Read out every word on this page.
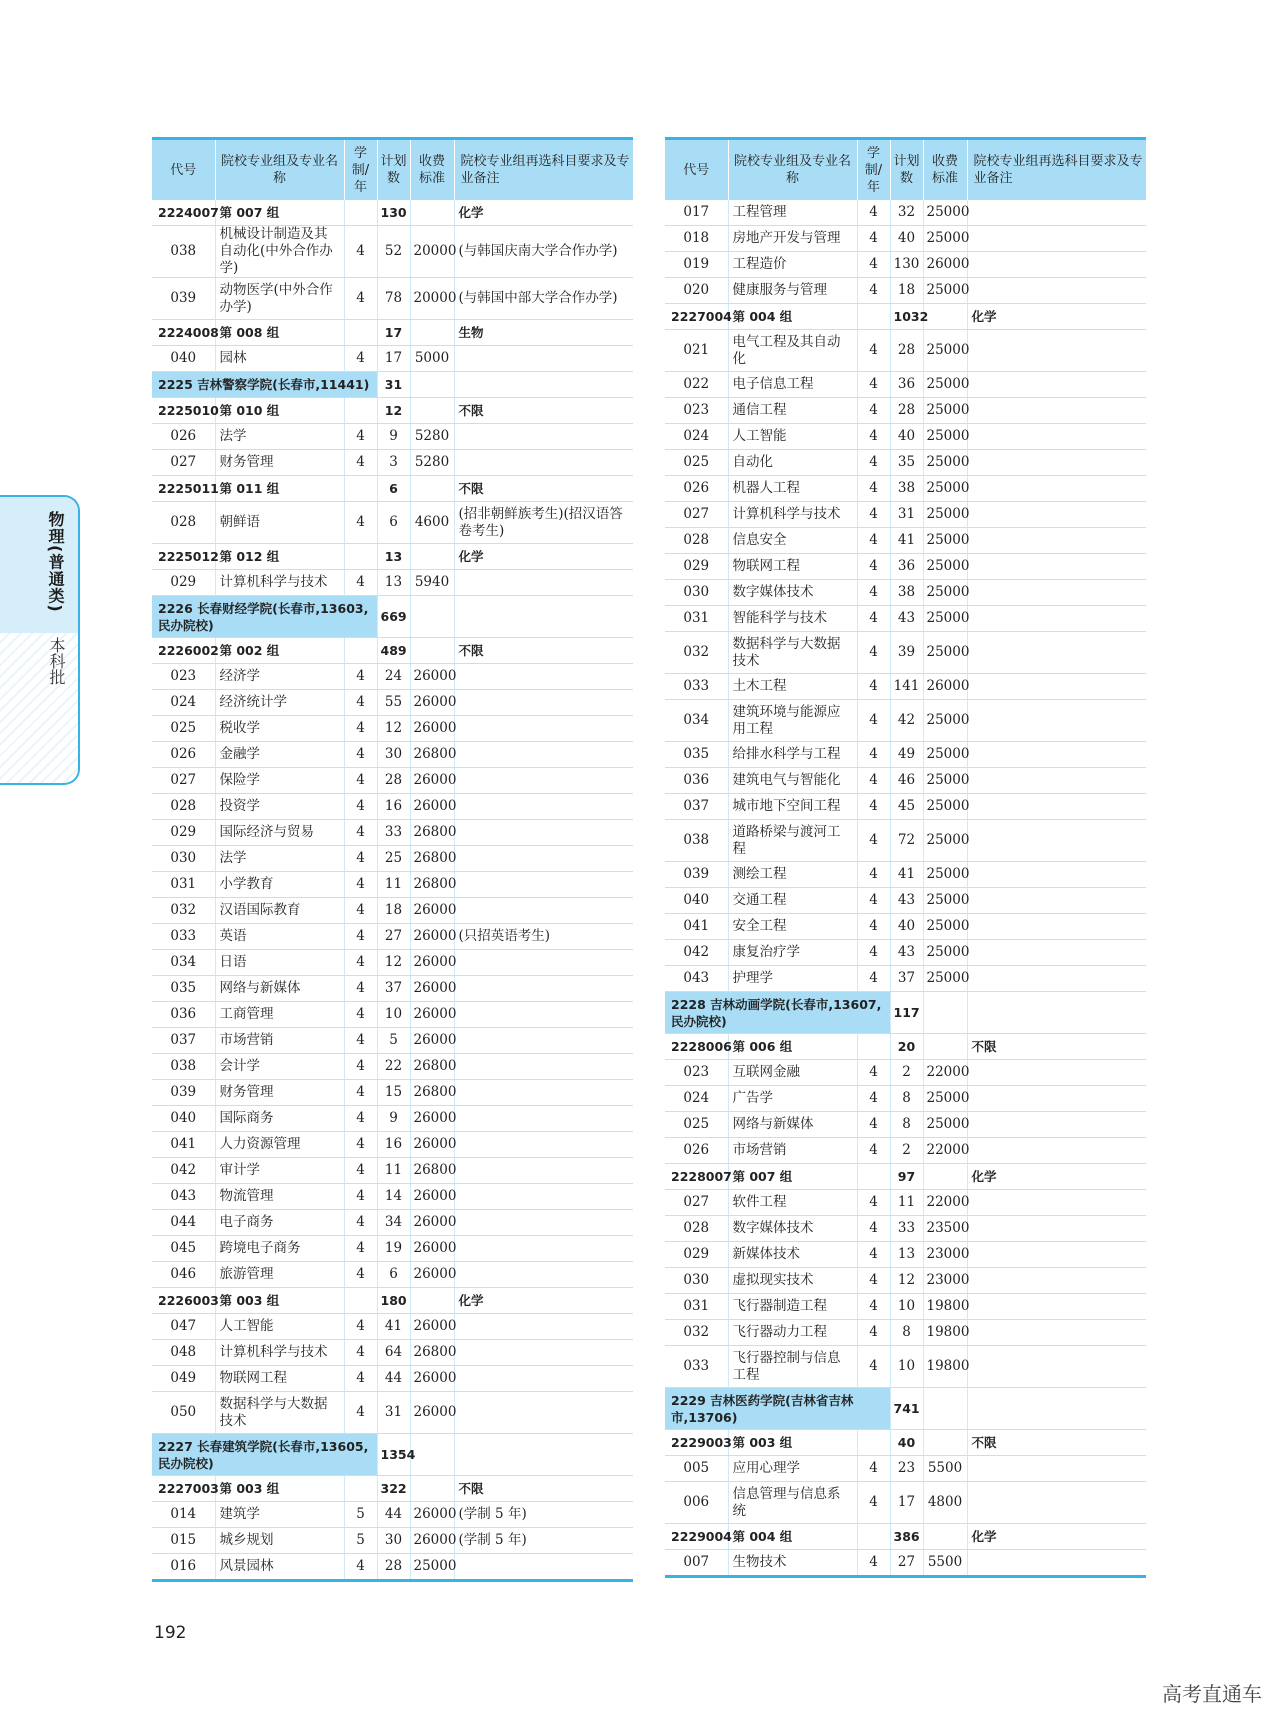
代号	院校专业组及专业名称	学制/年	计划数	收费标准	院校专业组再选科目要求及专业备注
2224007	第 007 组		130		化学
038	机械设计制造及其自动化(中外合作办学)	4	52	20000	(与韩国庆南大学合作办学)
039	动物医学(中外合作办学)	4	78	20000	(与韩国中部大学合作办学)
2224008	第 008 组		17		生物
040	园林	4	17	5000	
2225 吉林警察学院(长春市,11441)			31		
2225010	第 010 组		12		不限
026	法学	4	9	5280	
027	财务管理	4	3	5280	
2225011	第 011 组		6		不限
028	朝鲜语	4	6	4600	(招非朝鲜族考生)(招汉语答卷考生)
2225012	第 012 组		13		化学
029	计算机科学与技术	4	13	5940	
2226 长春财经学院(长春市,13603,民办院校)			669		
2226002	第 002 组		489		不限
023	经济学	4	24	26000	
024	经济统计学	4	55	26000	
025	税收学	4	12	26000	
026	金融学	4	30	26800	
027	保险学	4	28	26000	
028	投资学	4	16	26000	
029	国际经济与贸易	4	33	26800	
030	法学	4	25	26800	
031	小学教育	4	11	26800	
032	汉语国际教育	4	18	26000	
033	英语	4	27	26000	(只招英语考生)
034	日语	4	12	26000	
035	网络与新媒体	4	37	26000	
036	工商管理	4	10	26000	
037	市场营销	4	5	26000	
038	会计学	4	22	26800	
039	财务管理	4	15	26800	
040	国际商务	4	9	26000	
041	人力资源管理	4	16	26000	
042	审计学	4	11	26800	
043	物流管理	4	14	26000	
044	电子商务	4	34	26000	
045	跨境电子商务	4	19	26000	
046	旅游管理	4	6	26000	
2226003	第 003 组		180		化学
047	人工智能	4	41	26000	
048	计算机科学与技术	4	64	26800	
049	物联网工程	4	44	26000	
050	数据科学与大数据技术	4	31	26000	
2227 长春建筑学院(长春市,13605,民办院校)			1354		
2227003	第 003 组		322		不限
014	建筑学	5	44	26000	(学制 5 年)
015	城乡规划	5	30	26000	(学制 5 年)
016	风景园林	4	28	25000	
代号	院校专业组及专业名称	学制/年	计划数	收费标准	院校专业组再选科目要求及专业备注
017	工程管理	4	32	25000	
018	房地产开发与管理	4	40	25000	
019	工程造价	4	130	26000	
020	健康服务与管理	4	18	25000	
2227004	第 004 组		1032		化学
021	电气工程及其自动化	4	28	25000	
022	电子信息工程	4	36	25000	
023	通信工程	4	28	25000	
024	人工智能	4	40	25000	
025	自动化	4	35	25000	
026	机器人工程	4	38	25000	
027	计算机科学与技术	4	31	25000	
028	信息安全	4	41	25000	
029	物联网工程	4	36	25000	
030	数字媒体技术	4	38	25000	
031	智能科学与技术	4	43	25000	
032	数据科学与大数据技术	4	39	25000	
033	土木工程	4	141	26000	
034	建筑环境与能源应用工程	4	42	25000	
035	给排水科学与工程	4	49	25000	
036	建筑电气与智能化	4	46	25000	
037	城市地下空间工程	4	45	25000	
038	道路桥梁与渡河工程	4	72	25000	
039	测绘工程	4	41	25000	
040	交通工程	4	43	25000	
041	安全工程	4	40	25000	
042	康复治疗学	4	43	25000	
043	护理学	4	37	25000	
2228 吉林动画学院(长春市,13607,民办院校)			117		
2228006	第 006 组		20		不限
023	互联网金融	4	2	22000	
024	广告学	4	8	25000	
025	网络与新媒体	4	8	25000	
026	市场营销	4	2	22000	
2228007	第 007 组		97		化学
027	软件工程	4	11	22000	
028	数字媒体技术	4	33	23500	
029	新媒体技术	4	13	23000	
030	虚拟现实技术	4	12	23000	
031	飞行器制造工程	4	10	19800	
032	飞行器动力工程	4	8	19800	
033	飞行器控制与信息工程	4	10	19800	
2229 吉林医药学院(吉林省吉林市,13706)			741		
2229003	第 003 组		40		不限
005	应用心理学	4	23	5500	
006	信息管理与信息系统	4	17	4800	
2229004	第 004 组		386		化学
007	生物技术	4	27	5500	
物理(普通类)
本科批
192
高考直通车
